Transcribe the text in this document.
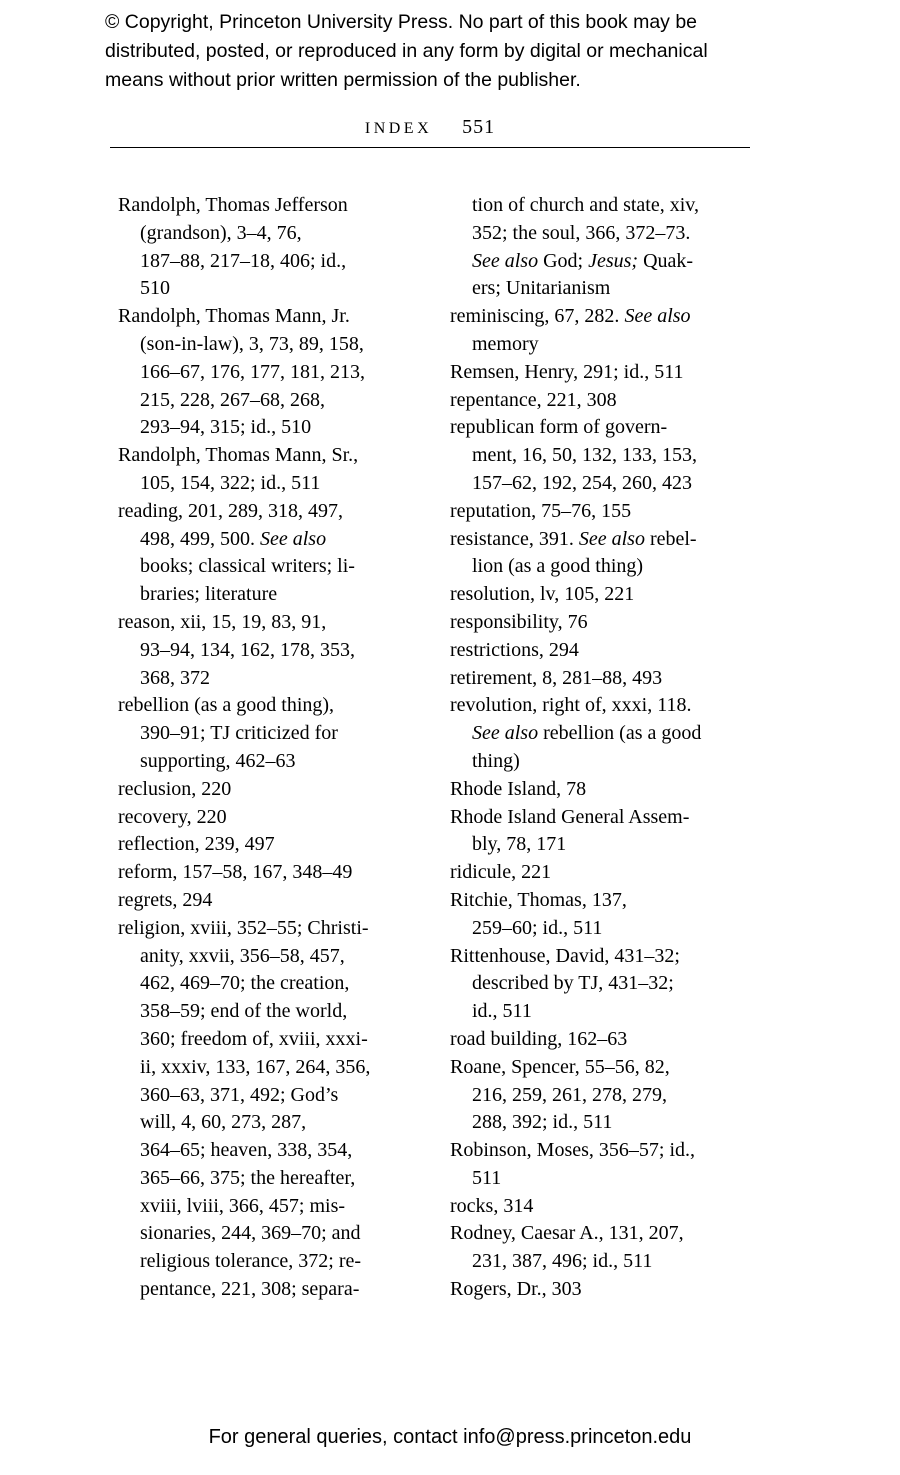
© Copyright, Princeton University Press. No part of this book may be
distributed, posted, or reproduced in any form by digital or mechanical
means without prior written permission of the publisher.
INDEX 551
Randolph, Thomas Jefferson
(grandson), 3–4, 76,
187–88, 217–18, 406; id.,
510
Randolph, Thomas Mann, Jr.
(son-in-law), 3, 73, 89, 158,
166–67, 176, 177, 181, 213,
215, 228, 267–68, 268,
293–94, 315; id., 510
Randolph, Thomas Mann, Sr.,
105, 154, 322; id., 511
reading, 201, 289, 318, 497,
498, 499, 500. See also
books; classical writers; li-
braries; literature
reason, xii, 15, 19, 83, 91,
93–94, 134, 162, 178, 353,
368, 372
rebellion (as a good thing),
390–91; TJ criticized for
supporting, 462–63
reclusion, 220
recovery, 220
reflection, 239, 497
reform, 157–58, 167, 348–49
regrets, 294
religion, xviii, 352–55; Christi-
anity, xxvii, 356–58, 457,
462, 469–70; the creation,
358–59; end of the world,
360; freedom of, xviii, xxxi-
ii, xxxiv, 133, 167, 264, 356,
360–63, 371, 492; God’s
will, 4, 60, 273, 287,
364–65; heaven, 338, 354,
365–66, 375; the hereafter,
xviii, lviii, 366, 457; mis-
sionaries, 244, 369–70; and
religious tolerance, 372; re-
pentance, 221, 308; separa-
tion of church and state, xiv,
352; the soul, 366, 372–73.
See also God; Jesus; Quak-
ers; Unitarianism
reminiscing, 67, 282. See also
memory
Remsen, Henry, 291; id., 511
repentance, 221, 308
republican form of govern-
ment, 16, 50, 132, 133, 153,
157–62, 192, 254, 260, 423
reputation, 75–76, 155
resistance, 391. See also rebel-
lion (as a good thing)
resolution, lv, 105, 221
responsibility, 76
restrictions, 294
retirement, 8, 281–88, 493
revolution, right of, xxxi, 118.
See also rebellion (as a good
thing)
Rhode Island, 78
Rhode Island General Assem-
bly, 78, 171
ridicule, 221
Ritchie, Thomas, 137,
259–60; id., 511
Rittenhouse, David, 431–32;
described by TJ, 431–32;
id., 511
road building, 162–63
Roane, Spencer, 55–56, 82,
216, 259, 261, 278, 279,
288, 392; id., 511
Robinson, Moses, 356–57; id.,
511
rocks, 314
Rodney, Caesar A., 131, 207,
231, 387, 496; id., 511
Rogers, Dr., 303
For general queries, contact info@press.princeton.edu
